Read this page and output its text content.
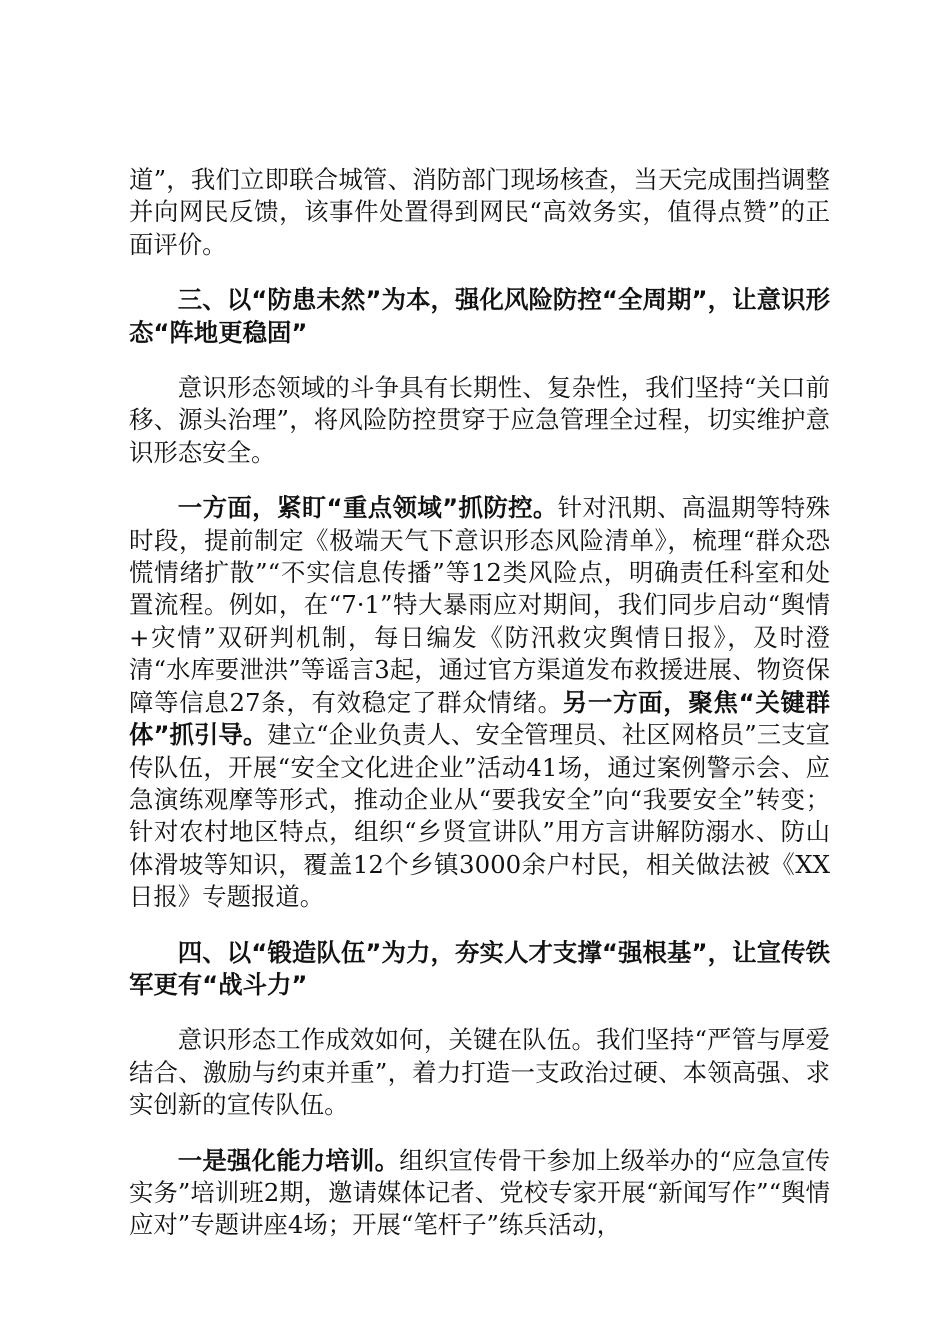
道”，我们立即联合城管、消防部门现场核查，当天完成围挡调整并向网民反馈，该事件处置得到网民“高效务实，值得点赞”的正面评价。

三、以“防患未然”为本，强化风险防控“全周期”，让意识形态“阵地更稳固”

意识形态领域的斗争具有长期性、复杂性，我们坚持“关口前移、源头治理”，将风险防控贯穿于应急管理全过程，切实维护意识形态安全。

一方面，紧盯“重点领域”抓防控。针对汛期、高温期等特殊时段，提前制定《极端天气下意识形态风险清单》，梳理“群众恐慌情绪扩散”“不实信息传播”等12类风险点，明确责任科室和处置流程。例如，在“7·1”特大暴雨应对期间，我们同步启动“舆情+灾情”双研判机制，每日编发《防汛救灾舆情日报》，及时澄清“水库要泄洪”等谣言3起，通过官方渠道发布救援进展、物资保障等信息27条，有效稳定了群众情绪。另一方面，聚焦“关键群体”抓引导。建立“企业负责人、安全管理员、社区网格员”三支宣传队伍，开展“安全文化进企业”活动41场，通过案例警示会、应急演练观摩等形式，推动企业从“要我安全”向“我要安全”转变；针对农村地区特点，组织“乡贤宣讲队”用方言讲解防溺水、防山体滑坡等知识，覆盖12个乡镇3000余户村民，相关做法被《XX日报》专题报道。

四、以“锻造队伍”为力，夯实人才支撑“强根基”，让宣传铁军更有“战斗力”

意识形态工作成效如何，关键在队伍。我们坚持“严管与厚爱结合、激励与约束并重”，着力打造一支政治过硬、本领高强、求实创新的宣传队伍。

一是强化能力培训。组织宣传骨干参加上级举办的“应急宣传实务”培训班2期，邀请媒体记者、党校专家开展“新闻写作”“舆情应对”专题讲座4场；开展“笔杆子”练兵活动，
